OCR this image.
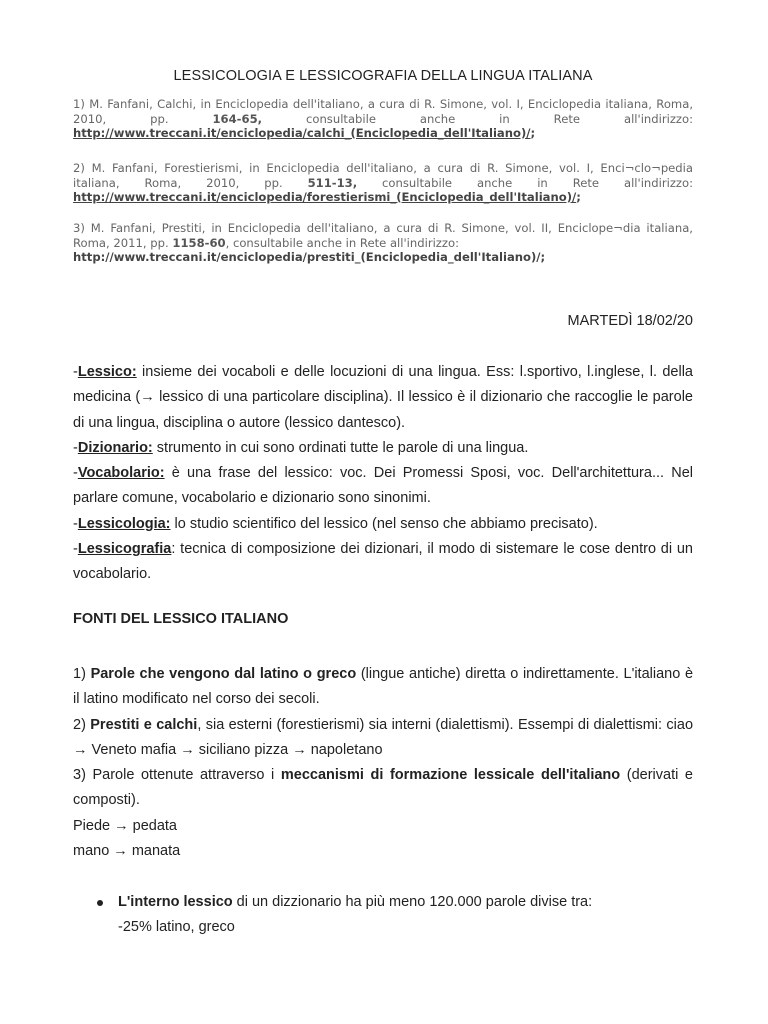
LESSICOLOGIA E LESSICOGRAFIA DELLA LINGUA ITALIANA
1) M. Fanfani, Calchi, in Enciclopedia dell'italiano, a cura di R. Simone, vol. I, Enciclopedia italiana, Roma, 2010, pp. 164-65, consultabile anche in Rete all'indirizzo: http://www.treccani.it/enciclopedia/calchi_(Enciclopedia_dell'Italiano)/;
2) M. Fanfani, Forestierismi, in Enciclopedia dell'italiano, a cura di R. Simone, vol. I, Enci¬clo¬pedia italiana, Roma, 2010, pp. 511-13, consultabile anche in Rete all'indirizzo: http://www.treccani.it/enciclopedia/forestierismi_(Enciclopedia_dell'Italiano)/;
3) M. Fanfani, Prestiti, in Enciclopedia dell'italiano, a cura di R. Simone, vol. II, Enciclope¬dia italiana, Roma, 2011, pp. 1158-60, consultabile anche in Rete all'indirizzo:
http://www.treccani.it/enciclopedia/prestiti_(Enciclopedia_dell'Italiano)/;
MARTEDÌ 18/02/20

-Lessico: insieme dei vocaboli e delle locuzioni di una lingua. Ess: l.sportivo, l.inglese, l. della medicina (→ lessico di una particolare disciplina). Il lessico è il dizionario che raccoglie le parole di una lingua, disciplina o autore (lessico dantesco).

-Dizionario: strumento in cui sono ordinati tutte le parole di una lingua.

-Vocabolario: è una frase del lessico: voc. Dei Promessi Sposi, voc. Dell'architettura... Nel parlare comune, vocabolario e dizionario sono sinonimi.

-Lessicologia: lo studio scientifico del lessico (nel senso che abbiamo precisato).

-Lessicografia: tecnica di composizione dei dizionari, il modo di sistemare le cose dentro di un vocabolario.

FONTI DEL LESSICO ITALIANO

1) Parole che vengono dal latino o greco (lingue antiche) diretta o indirettamente. L'italiano è il latino modificato nel corso dei secoli.

2) Prestiti e calchi, sia esterni (forestierismi) sia interni (dialettismi). Essempi di dialettismi: ciao → Veneto mafia → siciliano pizza → napoletano

3) Parole ottenute attraverso i meccanismi di formazione lessicale dell'italiano (derivati e composti).

Piede → pedata

mano → manata

L'interno lessico di un dizzionario ha più meno 120.000 parole divise tra:
-25% latino, greco
